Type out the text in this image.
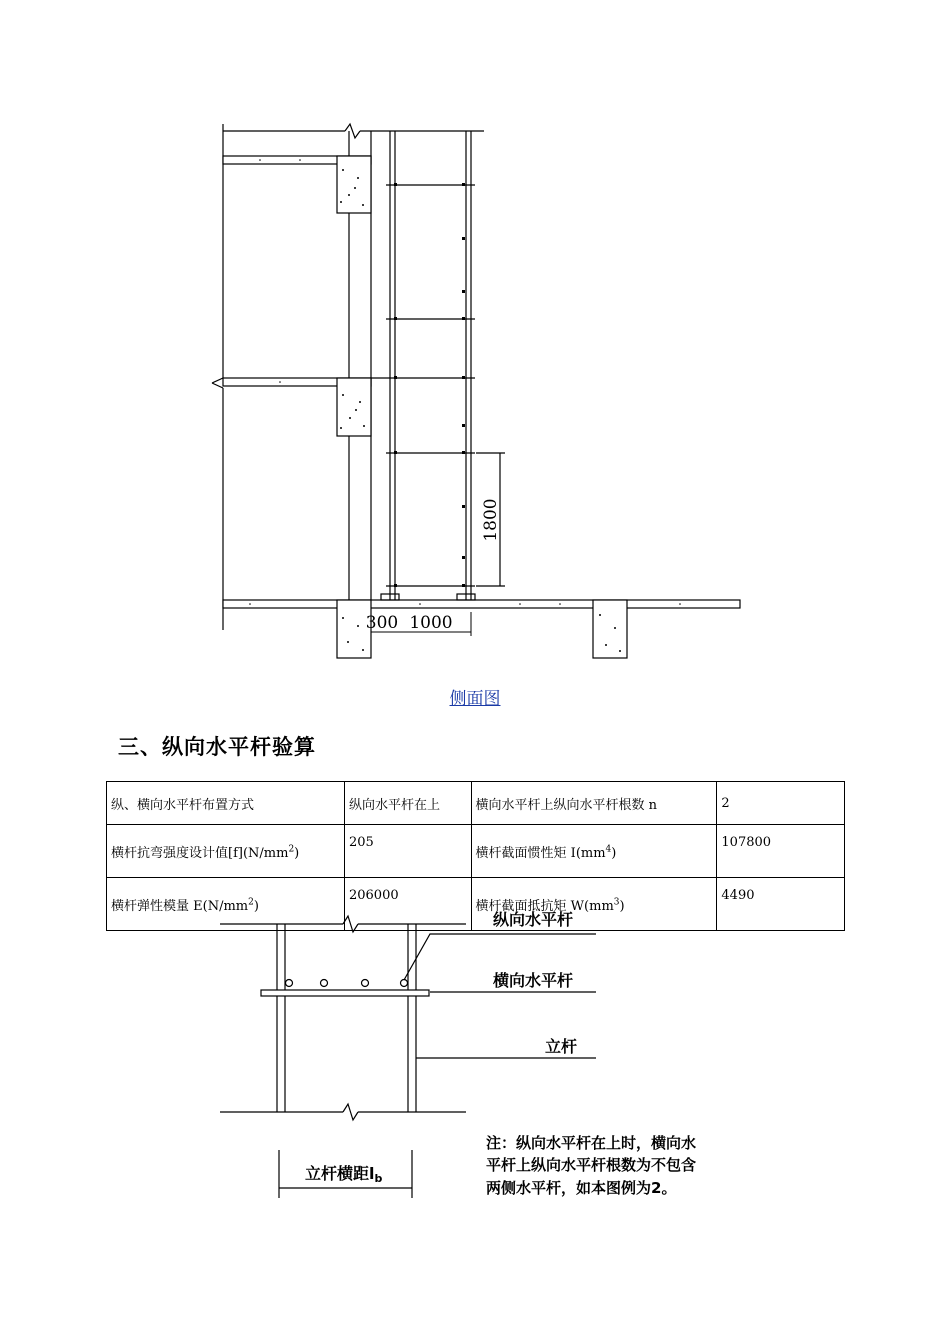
1800
300 1000
纵向水平杆
横向水平杆
立杆
立杆横距lb
注：纵向水平杆在上时，横向水
平杆上纵向水平杆根数为不包含
两侧水平杆，如本图例为2。
侧面图
三、纵向水平杆验算
纵、横向水平杆布置方式	纵向水平杆在上	横向水平杆上纵向水平杆根数 n	2
横杆抗弯强度设计值$[f](N/mm^2)$	205	横杆截面惯性矩 $I(mm^4)$	107800
横杆弹性模量 $E(N/mm^2)$	206000	横杆截面抵抗矩 $W(mm^3)$	4490
